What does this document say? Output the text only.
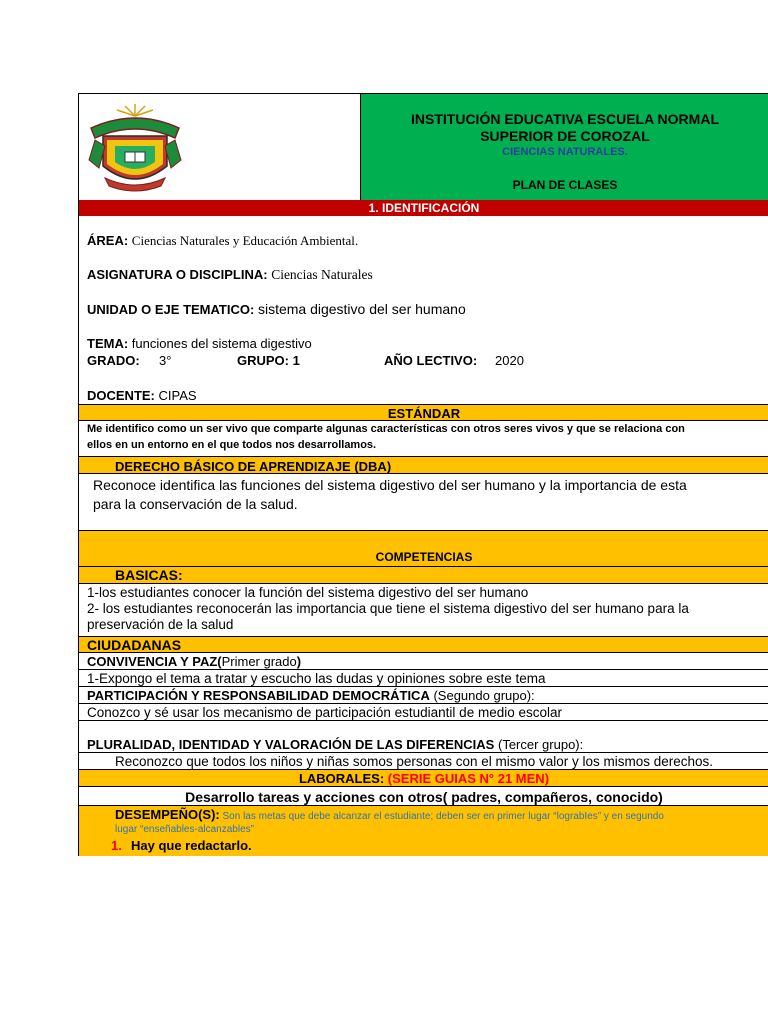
INSTITUCIÓN EDUCATIVA ESCUELA NORMAL
SUPERIOR DE COROZAL
CIENCIAS NATURALES.
PLAN DE CLASES
1. IDENTIFICACIÓN
ÁREA: Ciencias Naturales y Educación Ambiental.
ASIGNATURA O DISCIPLINA: Ciencias Naturales
UNIDAD O EJE TEMATICO: sistema digestivo del ser humano
TEMA: funciones del sistema digestivo
GRADO: 3°	GRUPO: 1	AÑO LECTIVO: 2020
DOCENTE: CIPAS
ESTÁNDAR
Me identifico como un ser vivo que comparte algunas características con otros seres vivos y que se relaciona con
ellos en un entorno en el que todos nos desarrollamos.
DERECHO BÁSICO DE APRENDIZAJE (DBA)
Reconoce identifica las funciones del sistema digestivo del ser humano y la importancia de esta
para la conservación de la salud.
COMPETENCIAS
BASICAS:
1-los estudiantes conocer la función del sistema digestivo del ser humano
2- los estudiantes reconocerán las importancia que tiene el sistema digestivo del ser humano para la
preservación de la salud
CIUDADANAS
CONVIVENCIA Y PAZ(Primer grado)
1-Expongo el tema a tratar y escucho las dudas y opiniones sobre este tema
PARTICIPACIÓN Y RESPONSABILIDAD DEMOCRÁTICA (Segundo grupo):
Conozco y sé usar los mecanismo de participación estudiantil de medio escolar
PLURALIDAD, IDENTIDAD Y VALORACIÓN DE LAS DIFERENCIAS (Tercer grupo):
Reconozco que todos los niños y niñas somos personas con el mismo valor y los mismos derechos.
LABORALES: (SERIE GUIAS N° 21 MEN)
Desarrollo tareas y acciones con otros( padres, compañeros, conocido)
DESEMPEÑO(S): Son las metas que debe alcanzar el estudiante; deben ser en primer lugar “lograbIes” y en segundo
lugar “enseñables-alcanzables”
1. Hay que redactarlo.
